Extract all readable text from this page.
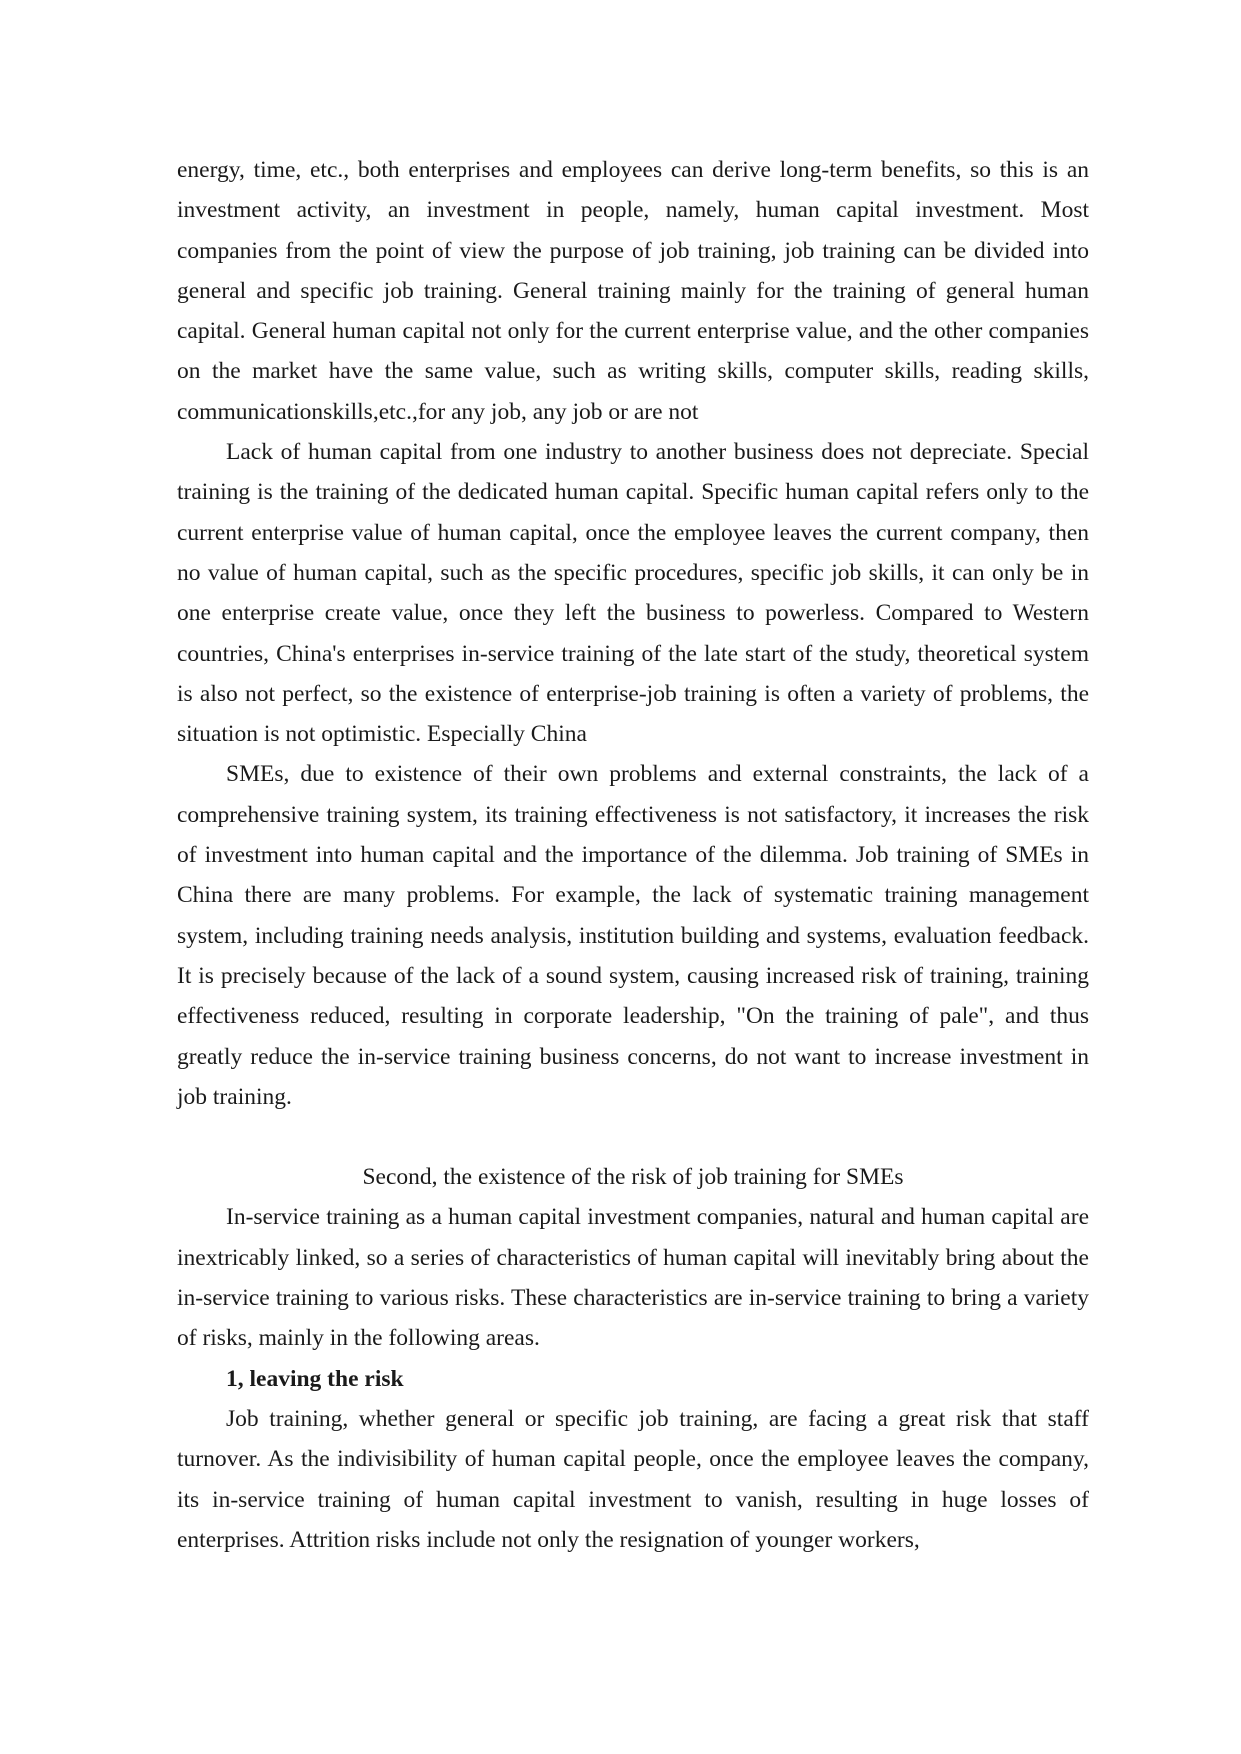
energy, time, etc., both enterprises and employees can derive long-term benefits, so this is an investment activity, an investment in people, namely, human capital investment. Most companies from the point of view the purpose of job training, job training can be divided into general and specific job training. General training mainly for the training of general human capital. General human capital not only for the current enterprise value, and the other companies on the market have the same value, such as writing skills, computer skills, reading skills, communicationskills,etc.,for any job, any job or are not

Lack of human capital from one industry to another business does not depreciate. Special training is the training of the dedicated human capital. Specific human capital refers only to the current enterprise value of human capital, once the employee leaves the current company, then no value of human capital, such as the specific procedures, specific job skills, it can only be in one enterprise create value, once they left the business to powerless. Compared to Western countries, China's enterprises in-service training of the late start of the study, theoretical system is also not perfect, so the existence of enterprise-job training is often a variety of problems, the situation is not optimistic. Especially China

SMEs, due to existence of their own problems and external constraints, the lack of a comprehensive training system, its training effectiveness is not satisfactory, it increases the risk of investment into human capital and the importance of the dilemma. Job training of SMEs in China there are many problems. For example, the lack of systematic training management system, including training needs analysis, institution building and systems, evaluation feedback. It is precisely because of the lack of a sound system, causing increased risk of training, training effectiveness reduced, resulting in corporate leadership, "On the training of pale", and thus greatly reduce the in-service training business concerns, do not want to increase investment in job training.

Second, the existence of the risk of job training for SMEs

In-service training as a human capital investment companies, natural and human capital are inextricably linked, so a series of characteristics of human capital will inevitably bring about the in-service training to various risks. These characteristics are in-service training to bring a variety of risks, mainly in the following areas.

1, leaving the risk

Job training, whether general or specific job training, are facing a great risk that staff turnover. As the indivisibility of human capital people, once the employee leaves the company, its in-service training of human capital investment to vanish, resulting in huge losses of enterprises. Attrition risks include not only the resignation of younger workers,
